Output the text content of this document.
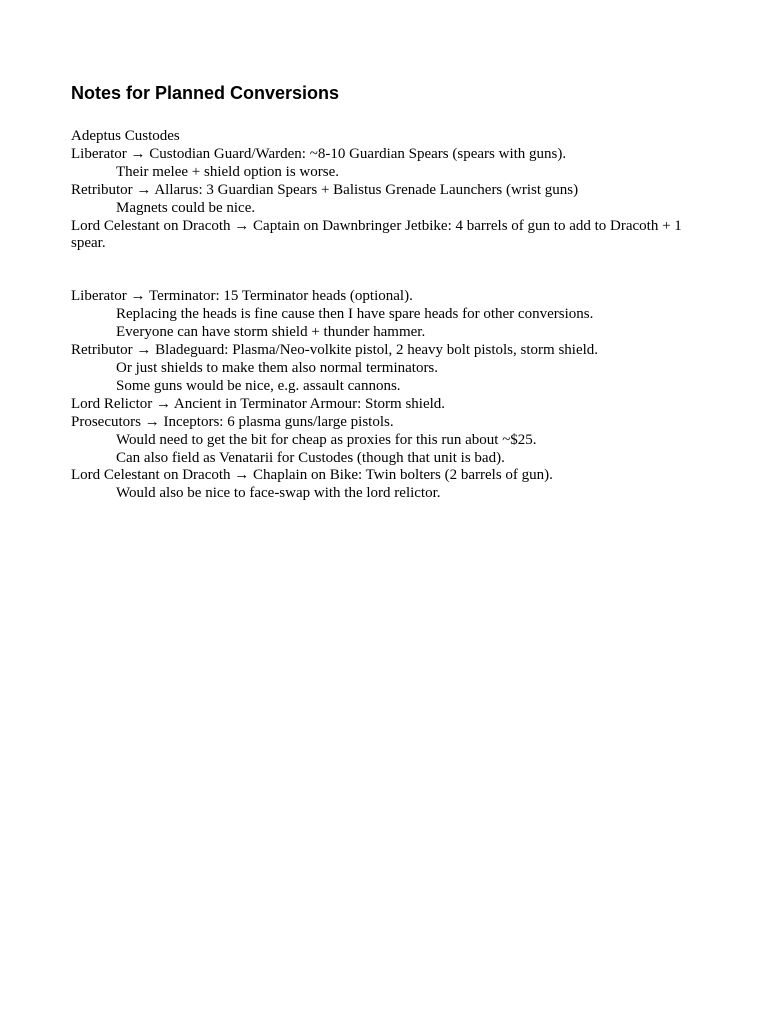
Notes for Planned Conversions

Adeptus Custodes

Liberator → Custodian Guard/Warden: ~8-10 Guardian Spears (spears with guns).

Their melee + shield option is worse.

Retributor → Allarus: 3 Guardian Spears + Balistus Grenade Launchers (wrist guns)

Magnets could be nice.

Lord Celestant on Dracoth → Captain on Dawnbringer Jetbike: 4 barrels of gun to add to Dracoth + 1 spear.

Liberator → Terminator: 15 Terminator heads (optional).

Replacing the heads is fine cause then I have spare heads for other conversions.

Everyone can have storm shield + thunder hammer.

Retributor → Bladeguard: Plasma/Neo-volkite pistol, 2 heavy bolt pistols, storm shield.

Or just shields to make them also normal terminators.

Some guns would be nice, e.g. assault cannons.

Lord Relictor → Ancient in Terminator Armour: Storm shield.

Prosecutors → Inceptors: 6 plasma guns/large pistols.

Would need to get the bit for cheap as proxies for this run about ~$25.

Can also field as Venatarii for Custodes (though that unit is bad).

Lord Celestant on Dracoth → Chaplain on Bike: Twin bolters (2 barrels of gun).

Would also be nice to face-swap with the lord relictor.
